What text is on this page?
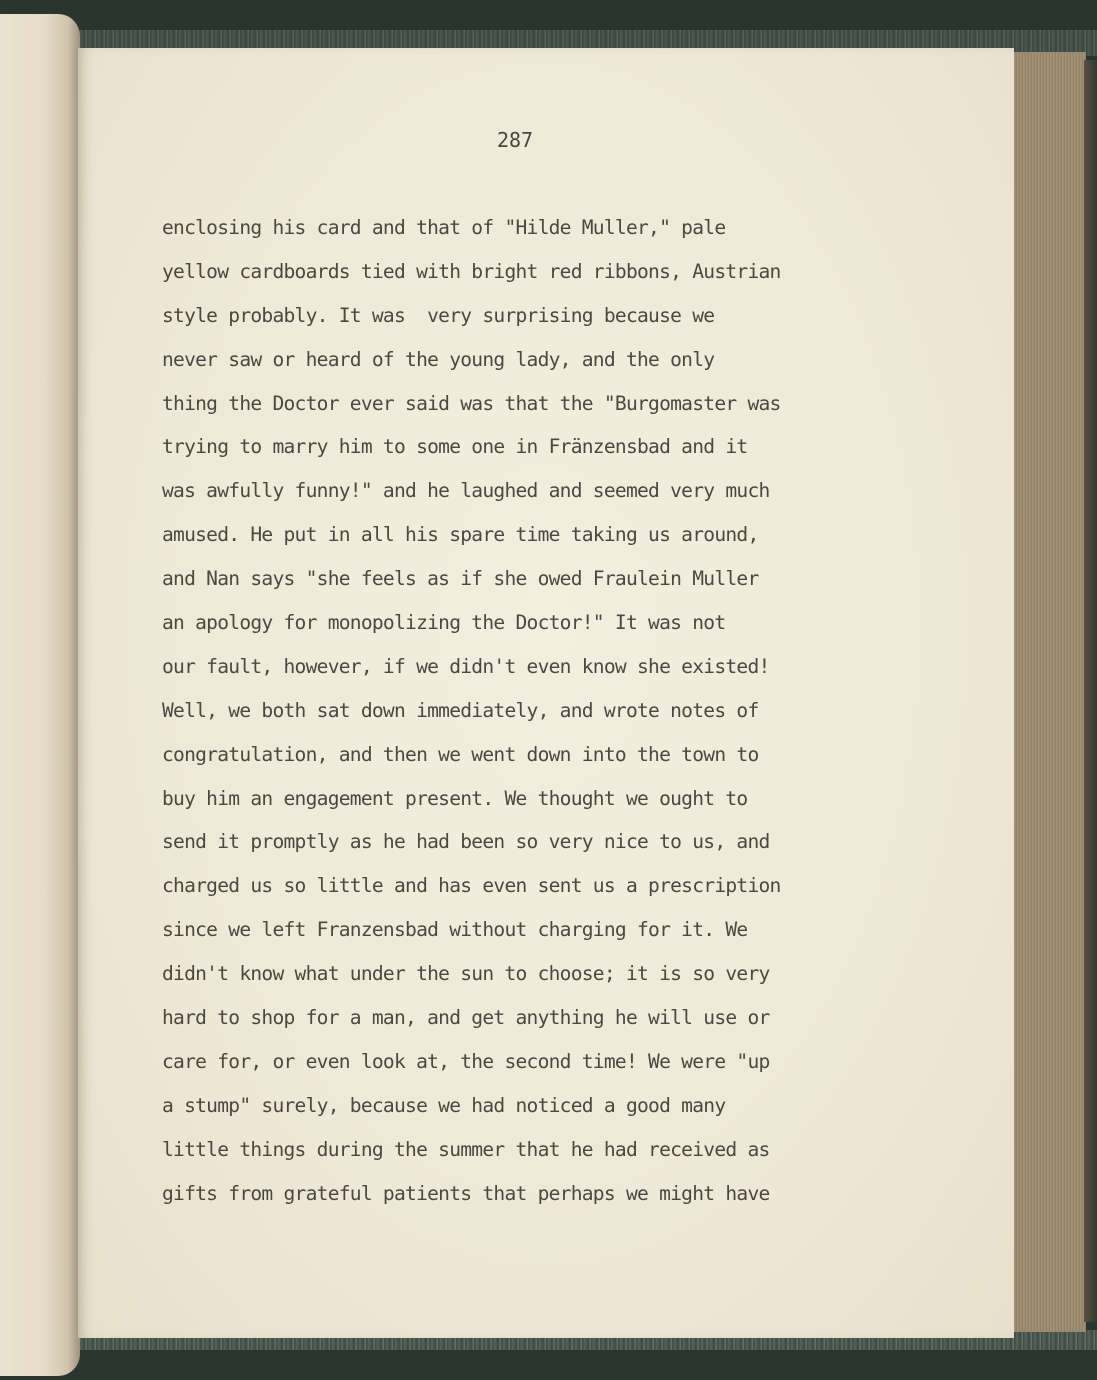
287
enclosing his card and that of "Hilde Muller," pale
yellow cardboards tied with bright red ribbons, Austrian
style probably. It was  very surprising because we
never saw or heard of the young lady, and the only
thing the Doctor ever said was that the "Burgomaster was
trying to marry him to some one in Fränzensbad and it
was awfully funny!" and he laughed and seemed very much
amused. He put in all his spare time taking us around,
and Nan says "she feels as if she owed Fraulein Muller
an apology for monopolizing the Doctor!" It was not
our fault, however, if we didn't even know she existed!
Well, we both sat down immediately, and wrote notes of
congratulation, and then we went down into the town to
buy him an engagement present. We thought we ought to
send it promptly as he had been so very nice to us, and
charged us so little and has even sent us a prescription
since we left Franzensbad without charging for it. We
didn't know what under the sun to choose; it is so very
hard to shop for a man, and get anything he will use or
care for, or even look at, the second time! We were "up
a stump" surely, because we had noticed a good many
little things during the summer that he had received as
gifts from grateful patients that perhaps we might have
